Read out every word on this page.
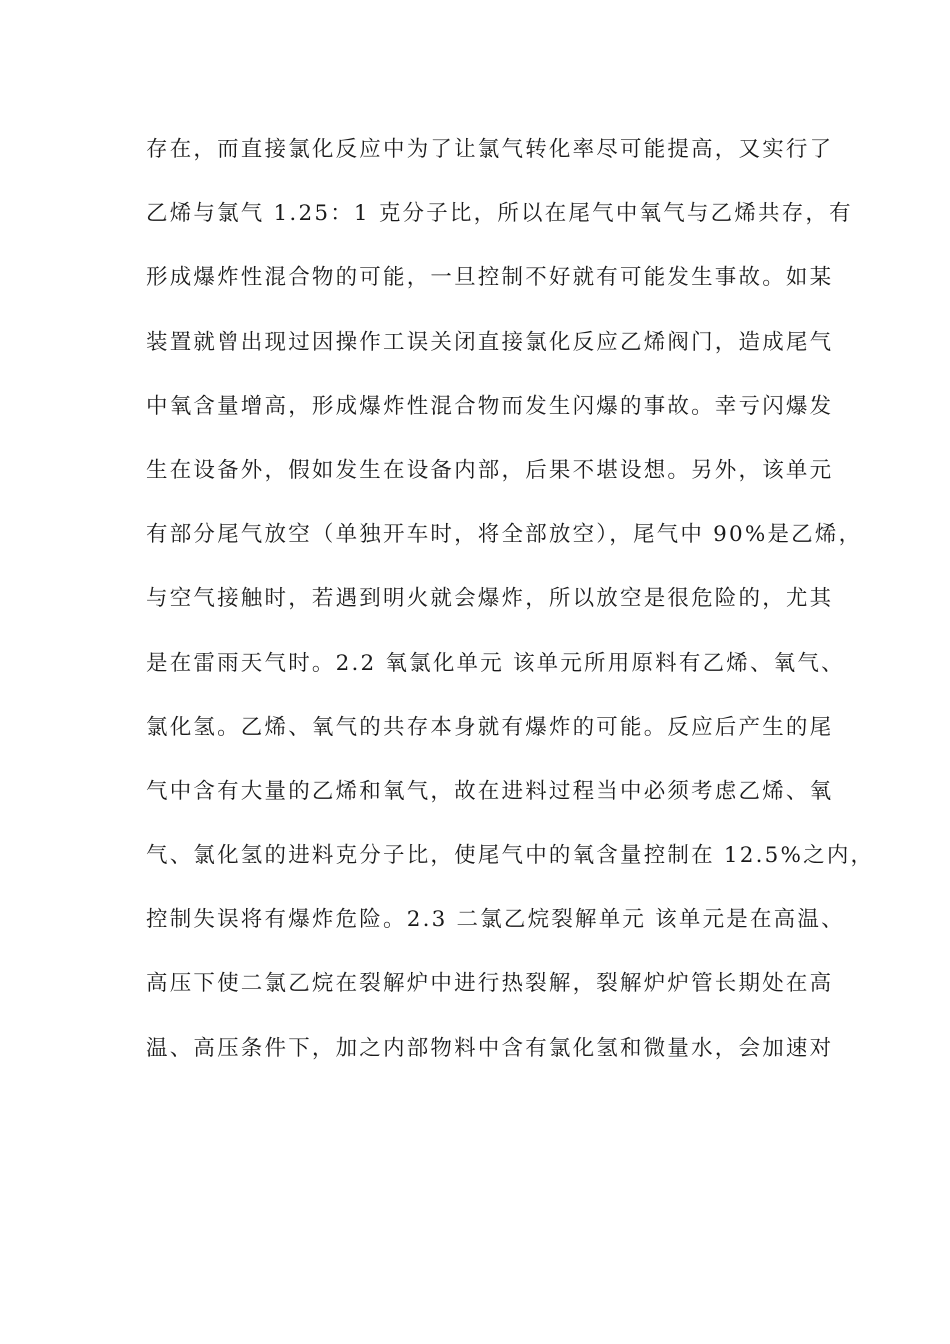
存在，而直接氯化反应中为了让氯气转化率尽可能提高，又实行了
乙烯与氯气 1.25：1 克分子比，所以在尾气中氧气与乙烯共存，有
形成爆炸性混合物的可能，一旦控制不好就有可能发生事故。如某
装置就曾出现过因操作工误关闭直接氯化反应乙烯阀门，造成尾气
中氧含量增高，形成爆炸性混合物而发生闪爆的事故。幸亏闪爆发
生在设备外，假如发生在设备内部，后果不堪设想。另外，该单元
有部分尾气放空（单独开车时，将全部放空），尾气中 90%是乙烯，
与空气接触时，若遇到明火就会爆炸，所以放空是很危险的，尤其
是在雷雨天气时。2.2 氧氯化单元 该单元所用原料有乙烯、氧气、
氯化氢。乙烯、氧气的共存本身就有爆炸的可能。反应后产生的尾
气中含有大量的乙烯和氧气，故在进料过程当中必须考虑乙烯、氧
气、氯化氢的进料克分子比，使尾气中的氧含量控制在 12.5%之内，
控制失误将有爆炸危险。2.3 二氯乙烷裂解单元 该单元是在高温、
高压下使二氯乙烷在裂解炉中进行热裂解，裂解炉炉管长期处在高
温、高压条件下，加之内部物料中含有氯化氢和微量水，会加速对
